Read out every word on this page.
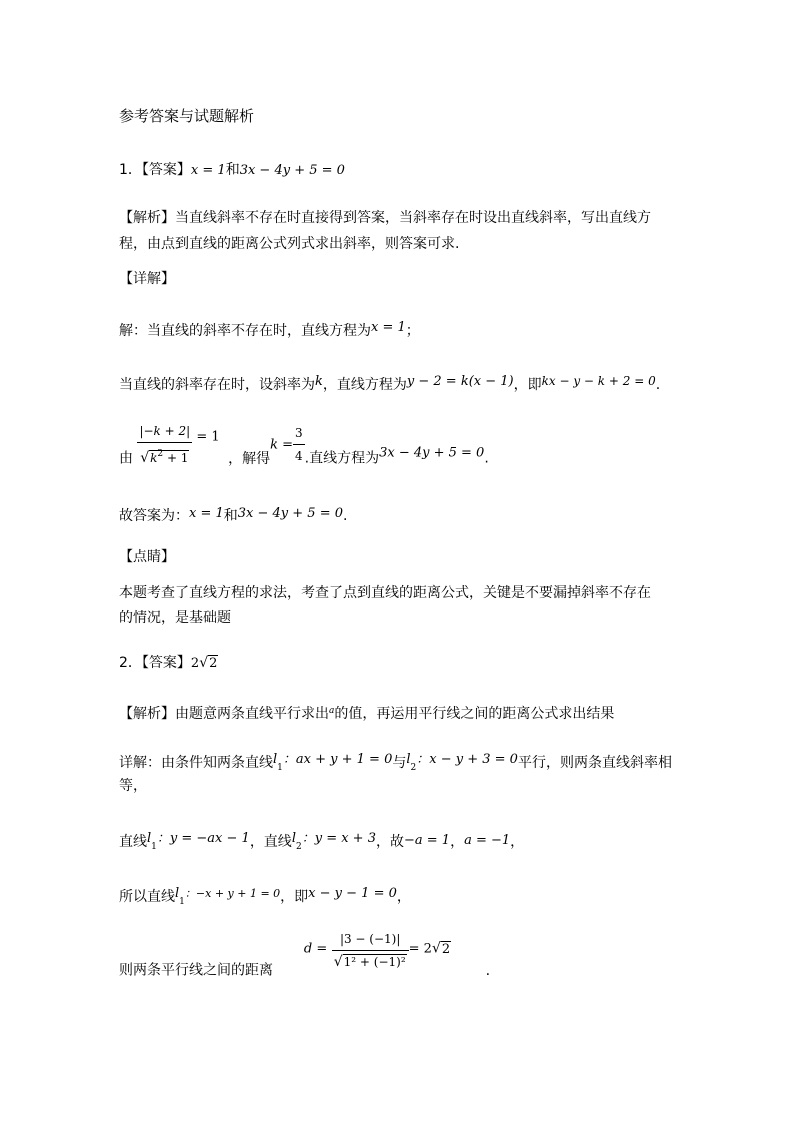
参考答案与试题解析
1．【答案】x = 1和3x − 4y + 5 = 0
【解析】当直线斜率不存在时直接得到答案，当斜率存在时设出直线斜率，写出直线方
程，由点到直线的距离公式列式求出斜率，则答案可求.
【详解】
解：当直线的斜率不存在时，直线方程为x = 1；
当直线的斜率存在时，设斜率为k，直线方程为y − 2 = k(x − 1)，即kx − y − k + 2 = 0.
由 $\frac{|-k + 2|}{√k^2 + 1} = 1$ ，解得$k = \frac{3}{4}$ .直线方程为3x − 4y + 5 = 0.
故答案为：x = 1和3x − 4y + 5 = 0.
【点睛】
本题考查了直线方程的求法，考查了点到直线的距离公式，关键是不要漏掉斜率不存在
的情况，是基础题
2．【答案】2√2
【解析】由题意两条直线平行求出$^a$的值，再运用平行线之间的距离公式求出结果
详解：由条件知两条直线$l_1$：ax + y + 1 = 0与$l_2$：x − y + 3 = 0平行，则两条直线斜率相
等，
直线$l_1$：y = −ax − 1，直线$l_2$：y = x + 3，故−a = 1，a = −1，
所以直线$l_1^{:-x + y + 1 = 0}$，即x − y − 1 = 0，
则两条平行线之间的距离  $d = \frac{|3 - (-1)|}{\text{√1² + (−1)²}} = 2√2$ .
